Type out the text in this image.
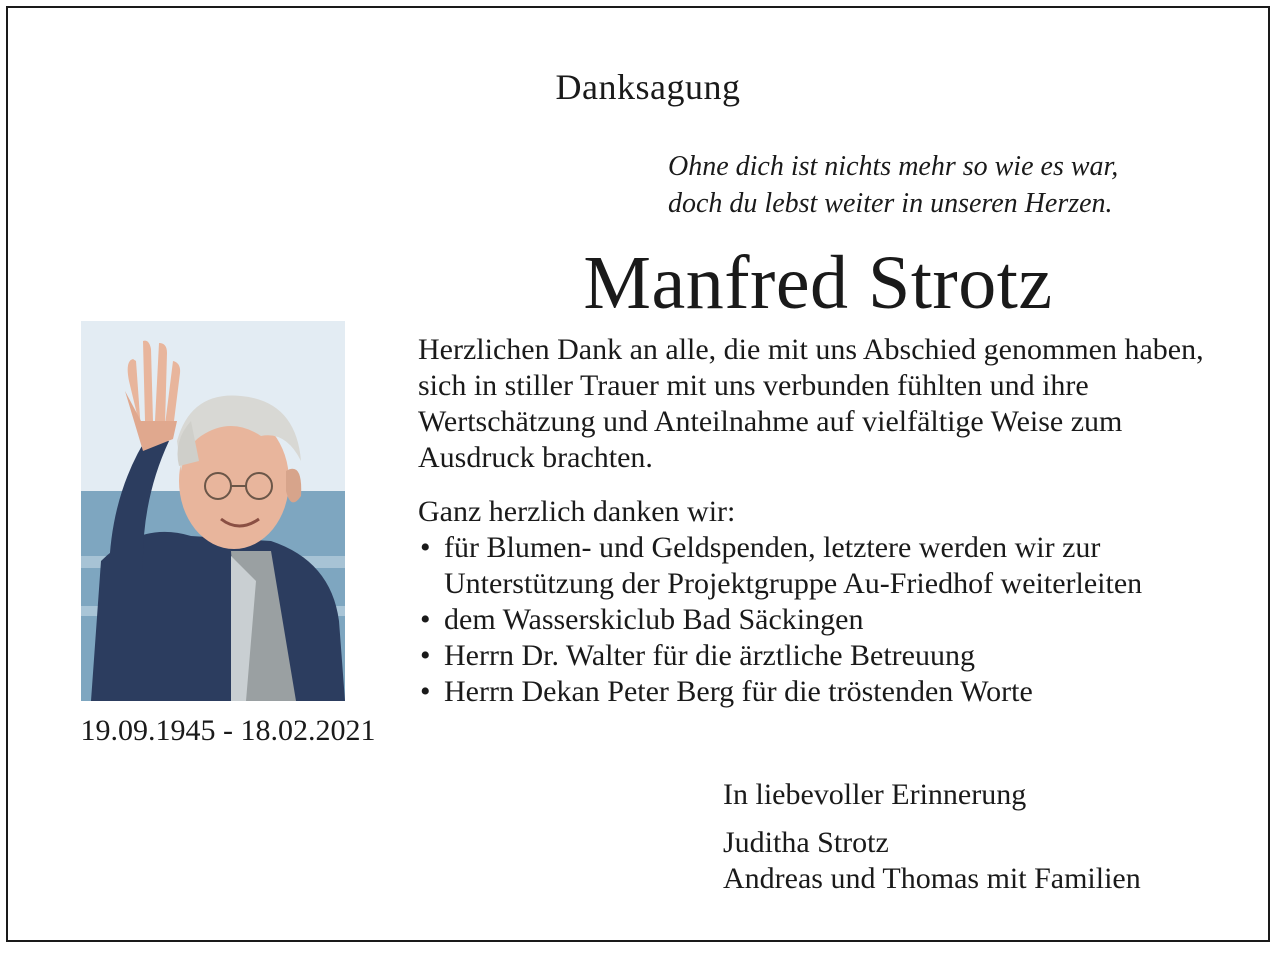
Danksagung
Ohne dich ist nichts mehr so wie es war,
doch du lebst weiter in unseren Herzen.
Manfred Strotz
19.09.1945 - 18.02.2021

Herzlichen Dank an alle, die mit uns Abschied genommen haben, sich in stiller Trauer mit uns verbunden fühlten und ihre Wertschätzung und Anteilnahme auf vielfältige Weise zum Ausdruck brachten.

Ganz herzlich danken wir:

• für Blumen- und Geldspenden, letztere werden wir zur Unterstützung der Projektgruppe Au-Friedhof weiterleiten
• dem Wasserskiclub Bad Säckingen
• Herrn Dr. Walter für die ärztliche Betreuung
• Herrn Dekan Peter Berg für die tröstenden Worte
In liebevoller Erinnerung
Juditha Strotz
Andreas und Thomas mit Familien
